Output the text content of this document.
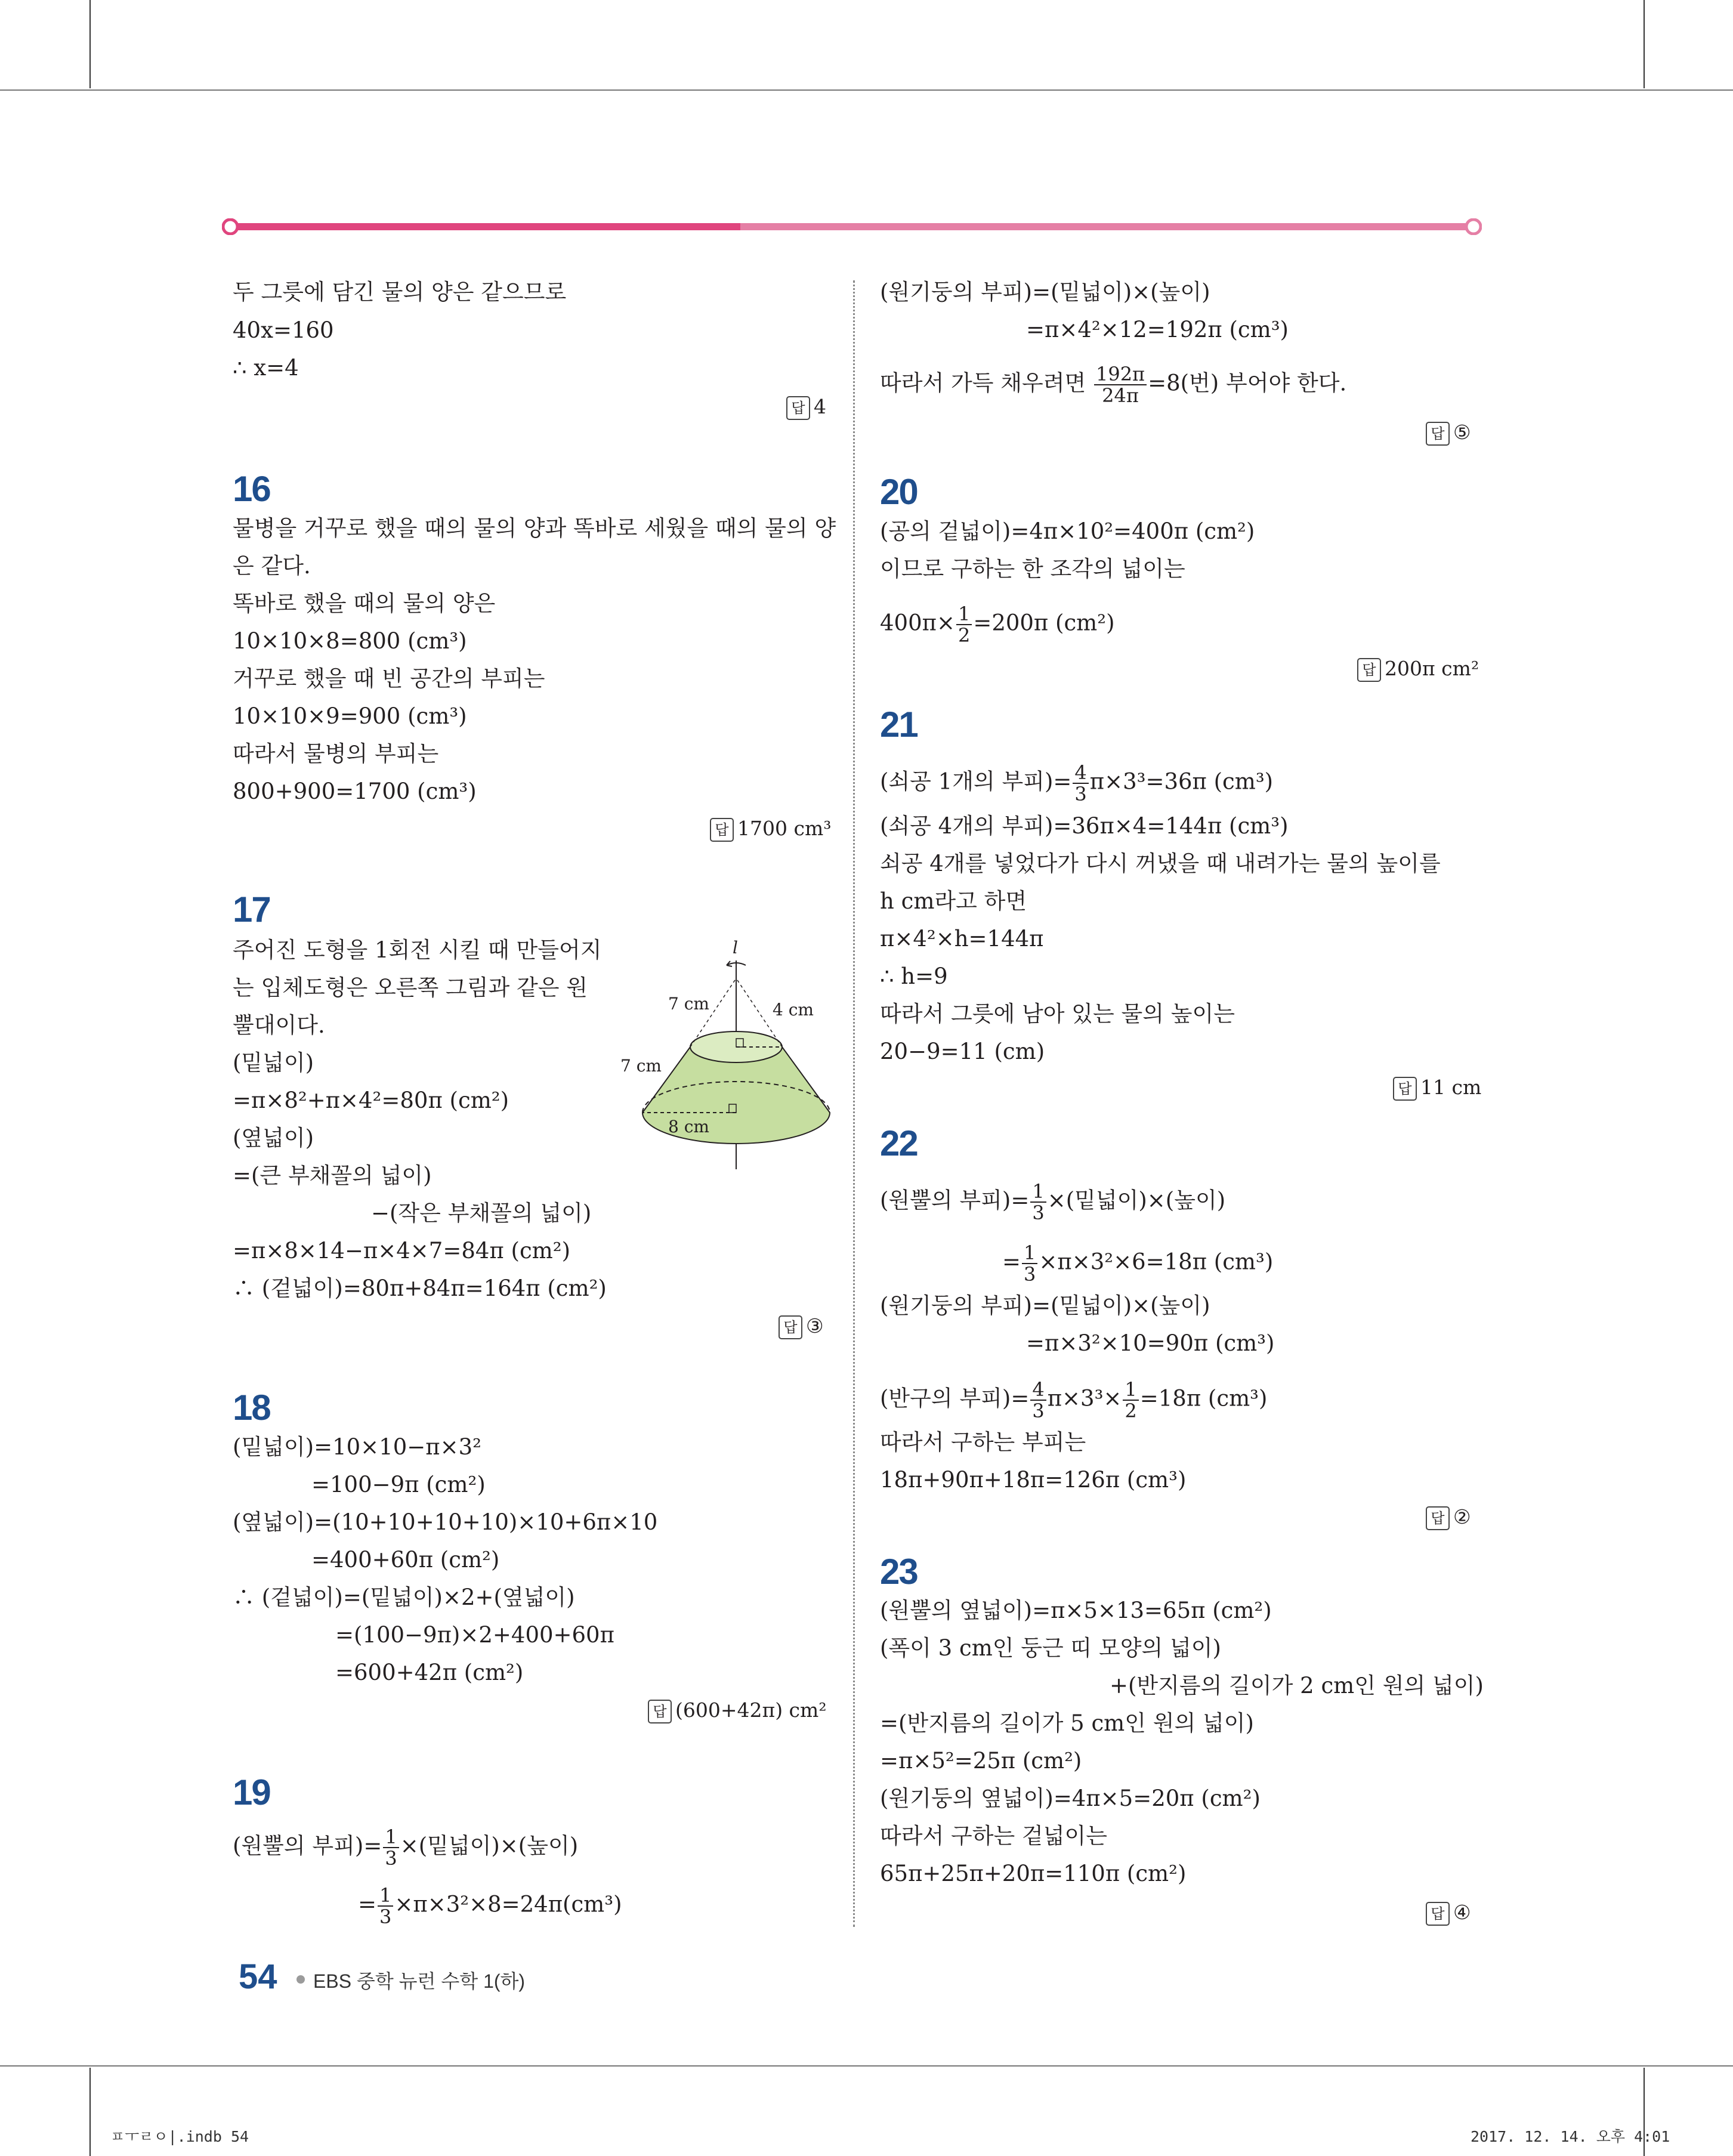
두 그릇에 담긴 물의 양은 같으므로
40x=160
∴ x=4
답 4
16
물병을 거꾸로 했을 때의 물의 양과 똑바로 세웠을 때의 물의 양
은 같다.
똑바로 했을 때의 물의 양은
10×10×8=800 (cm³)
거꾸로 했을 때 빈 공간의 부피는
10×10×9=900 (cm³)
따라서 물병의 부피는
800+900=1700 (cm³)
답 1700 cm³
17
주어진 도형을 1회전 시킬 때 만들어지
는 입체도형은 오른쪽 그림과 같은 원
뿔대이다.
(밑넓이)
=π×8²+π×4²=80π (cm²)
(옆넓이)
=(큰 부채꼴의 넓이)
−(작은 부채꼴의 넓이)
=π×8×14−π×4×7=84π (cm²)
∴ (겉넓이)=80π+84π=164π (cm²)
답 ③
18
(밑넓이)=10×10−π×3²
=100−9π (cm²)
(옆넓이)=(10+10+10+10)×10+6π×10
=400+60π (cm²)
∴ (겉넓이)=(밑넓이)×2+(옆넓이)
=(100−9π)×2+400+60π
=600+42π (cm²)
답 (600+42π) cm²
19
(원뿔의 부피)= $\frac{1}{3}$ ×(밑넓이)×(높이)
= $\frac{1}{3} \times\pi\times 3^2\times 8=24\pi(cm^3)$
l
7 cm	4 cm
7 cm
8 cm
(원기둥의 부피)=(밑넓이)×(높이)
=π×4²×12=192π (cm³)
따라서 가득 채우려면 $\frac{192\pi}{24\pi} =8$(번) 부어야 한다.
답 ⑤
20
(공의 겉넓이)=4π×10²=400π (cm²)
이므로 구하는 한 조각의 넓이는
$400\pi\times \frac{1}{2} =200\pi$ (cm²)
답 200π cm²
21
(쇠공 1개의 부피)= $\frac{4}{3} \pi\times 3^3=36\pi$ (cm³)
(쇠공 4개의 부피)=36π×4=144π (cm³)
쇠공 4개를 넣었다가 다시 꺼냈을 때 내려가는 물의 높이를
h cm라고 하면
π×4²×h=144π
∴ h=9
따라서 그릇에 남아 있는 물의 높이는
20−9=11 (cm)
답 11 cm
22
(원뿔의 부피)= $\frac{1}{3}$ ×(밑넓이)×(높이)
= $\frac{1}{3} \times\pi\times 3^2\times 6=18\pi$ (cm³)
(원기둥의 부피)=(밑넓이)×(높이)
=π×3²×10=90π (cm³)
(반구의 부피)= $\frac{4}{3} \pi\times 3^3\times \frac{1}{2} =18\pi$ (cm³)
따라서 구하는 부피는
18π+90π+18π=126π (cm³)
답 ②
23
(원뿔의 옆넓이)=π×5×13=65π (cm²)
(폭이 3 cm인 둥근 띠 모양의 넓이)
+(반지름의 길이가 2 cm인 원의 넓이)
=(반지름의 길이가 5 cm인 원의 넓이)
=π×5²=25π (cm²)
(원기둥의 옆넓이)=4π×5=20π (cm²)
따라서 구하는 겉넓이는
65π+25π+20π=110π (cm²)
답 ④
54 EBS 중학 뉴런 수학 1(하)
ㅍㅜㄹㅇ|.indb 54	2017. 12. 14. 오후 4:01
